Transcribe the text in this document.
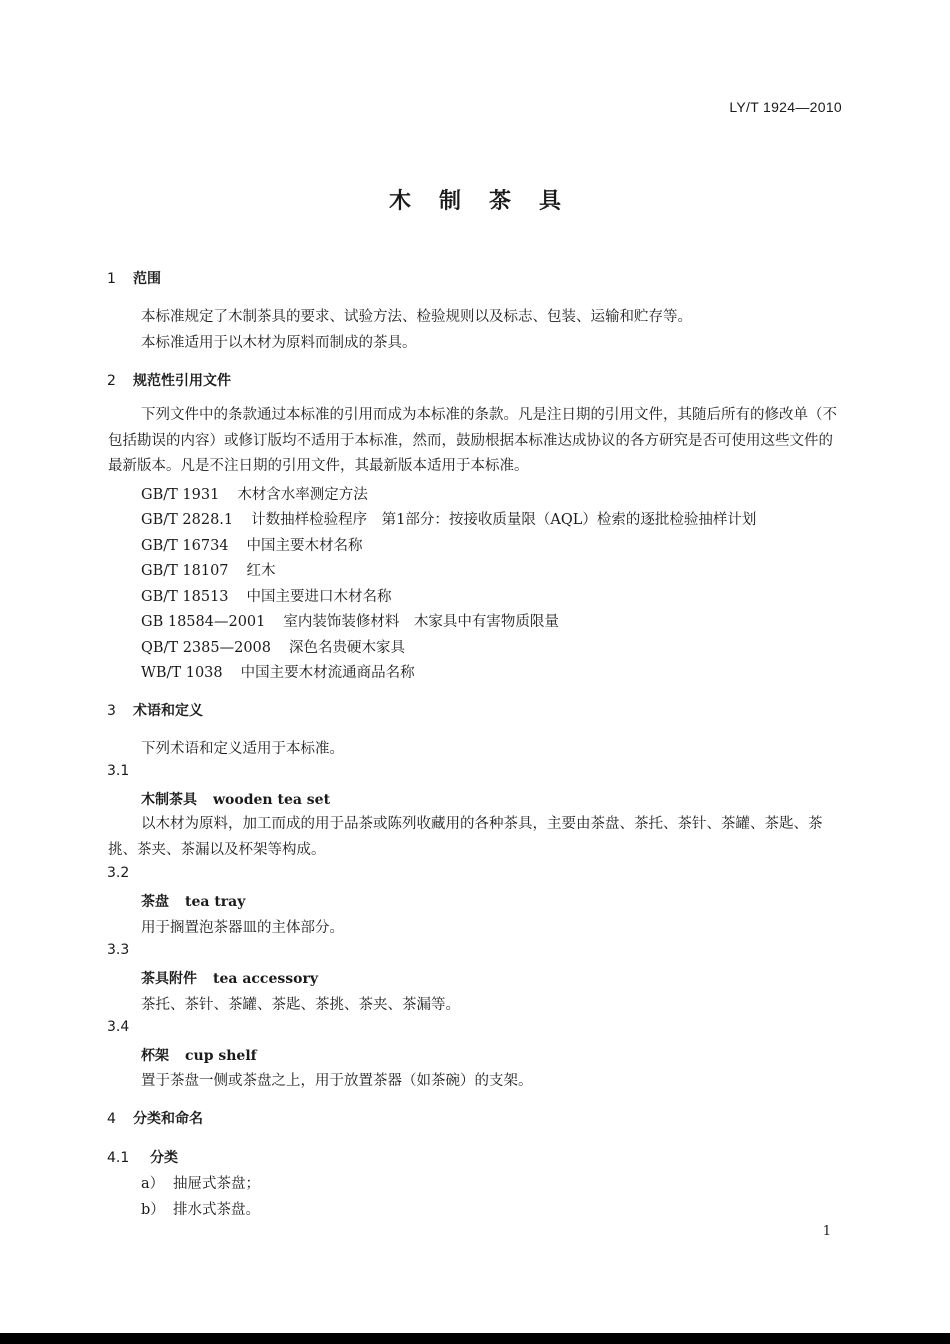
LY/T 1924—2010
木制茶具
1 范围
本标准规定了木制茶具的要求、试验方法、检验规则以及标志、包装、运输和贮存等。
本标准适用于以木材为原料而制成的茶具。
2 规范性引用文件
下列文件中的条款通过本标准的引用而成为本标准的条款。凡是注日期的引用文件，其随后所有的修改单（不包括勘误的内容）或修订版均不适用于本标准，然而，鼓励根据本标准达成协议的各方研究是否可使用这些文件的最新版本。凡是不注日期的引用文件，其最新版本适用于本标准。
GB/T 1931 木材含水率测定方法
GB/T 2828.1 计数抽样检验程序　第1部分：按接收质量限（AQL）检索的逐批检验抽样计划
GB/T 16734 中国主要木材名称
GB/T 18107 红木
GB/T 18513 中国主要进口木材名称
GB 18584—2001 室内装饰装修材料　木家具中有害物质限量
QB/T 2385—2008 深色名贵硬木家具
WB/T 1038 中国主要木材流通商品名称
3 术语和定义
下列术语和定义适用于本标准。
3.1
木制茶具 wooden tea set
以木材为原料，加工而成的用于品茶或陈列收藏用的各种茶具，主要由茶盘、茶托、茶针、茶罐、茶匙、茶挑、茶夹、茶漏以及杯架等构成。
3.2
茶盘 tea tray
用于搁置泡茶器皿的主体部分。
3.3
茶具附件 tea accessory
茶托、茶针、茶罐、茶匙、茶挑、茶夹、茶漏等。
3.4
杯架 cup shelf
置于茶盘一侧或茶盘之上，用于放置茶器（如茶碗）的支架。
4 分类和命名
4.1 分类
a） 抽屉式茶盘；
b） 排水式茶盘。
1
